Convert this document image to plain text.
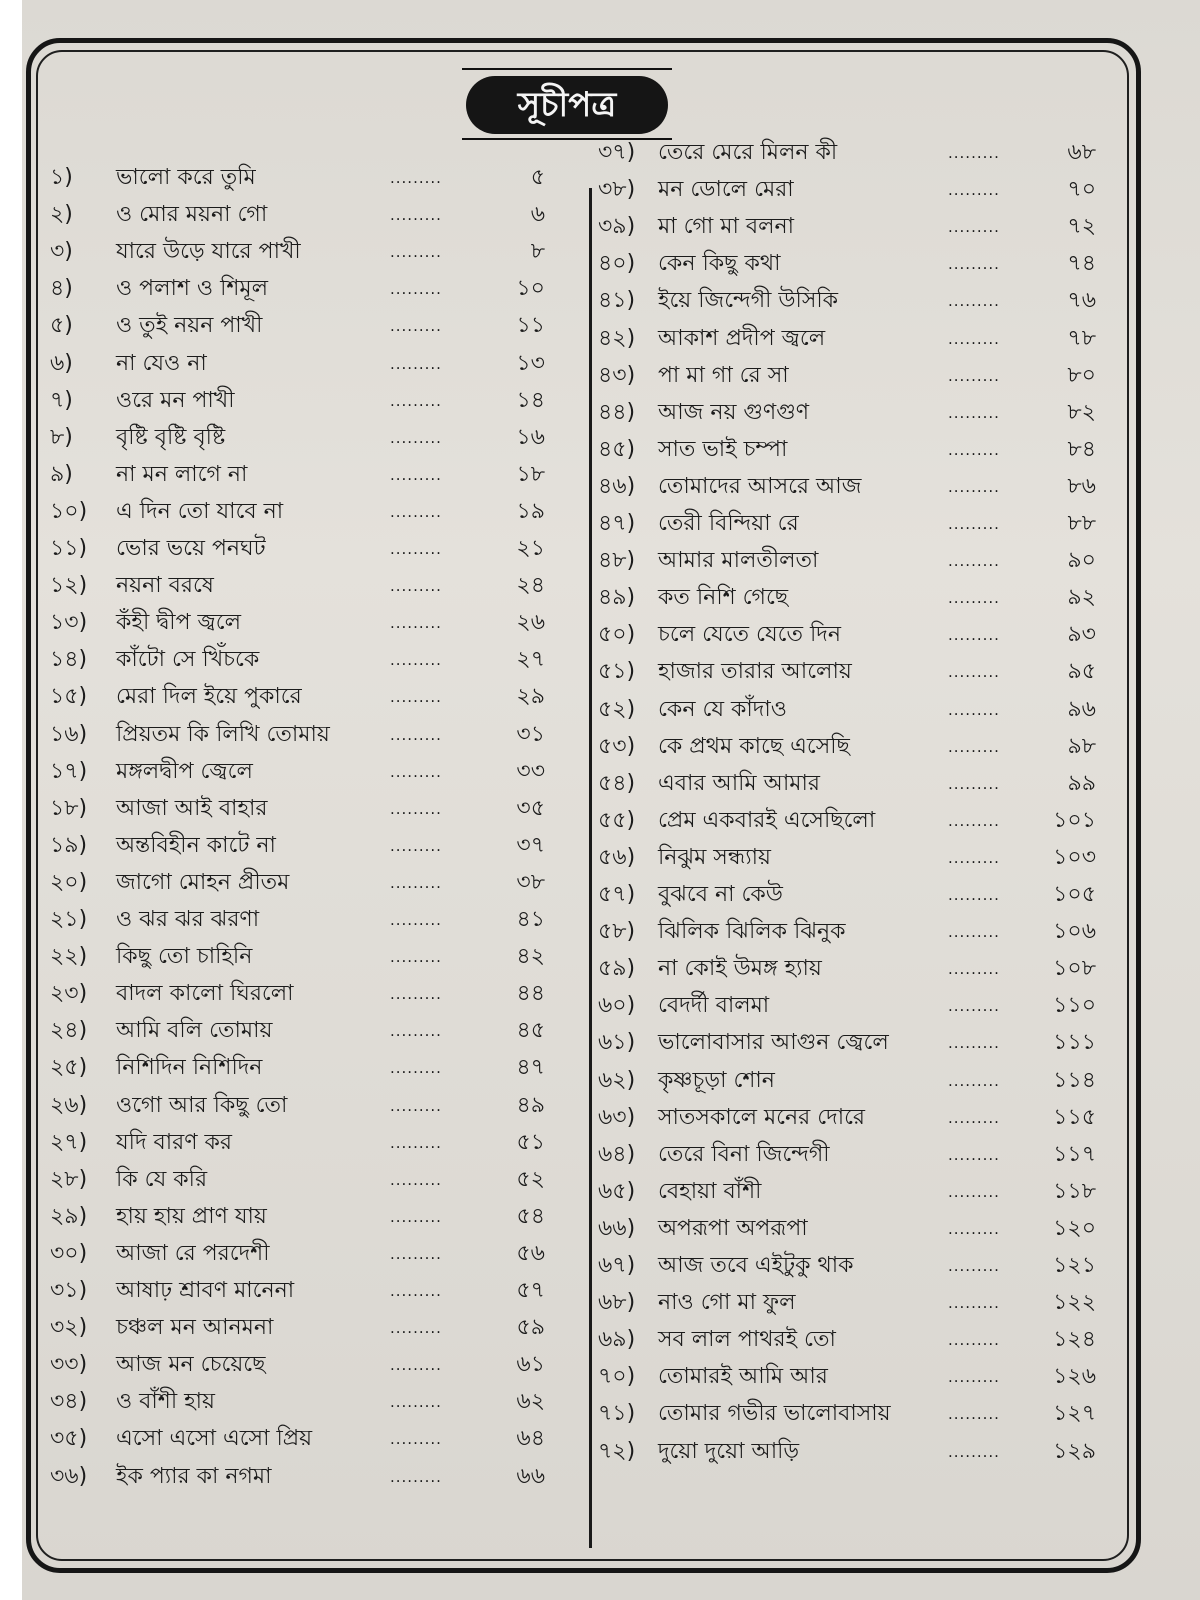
সূচীপত্র
১) ভালো করে তুমি	.........	৫
২) ও মোর ময়না গো	.........	৬
৩) যারে উড়ে যারে পাখী	.........	৮
৪) ও পলাশ ও শিমূল	.........	১০
৫) ও তুই নয়ন পাখী	.........	১১
৬) না যেও না	.........	১৩
৭) ওরে মন পাখী	.........	১৪
৮) বৃষ্টি বৃষ্টি বৃষ্টি	.........	১৬
৯) না মন লাগে না	.........	১৮
১০) এ দিন তো যাবে না	.........	১৯
১১) ভোর ভয়ে পনঘট	.........	২১
১২) নয়না বরষে	.........	২৪
১৩) কঁহী দ্বীপ জ্বলে	.........	২৬
১৪) কাঁটো সে খিঁচকে	.........	২৭
১৫) মেরা দিল ইয়ে পুকারে	.........	২৯
১৬) প্রিয়তম কি লিখি তোমায়	.........	৩১
১৭) মঙ্গলদ্বীপ জ্বেলে	.........	৩৩
১৮) আজা আই বাহার	.........	৩৫
১৯) অন্তবিহীন কাটে না	.........	৩৭
২০) জাগো মোহন প্রীতম	.........	৩৮
২১) ও ঝর ঝর ঝরণা	.........	৪১
২২) কিছু তো চাহিনি	.........	৪২
২৩) বাদল কালো ঘিরলো	.........	৪৪
২৪) আমি বলি তোমায়	.........	৪৫
২৫) নিশিদিন নিশিদিন	.........	৪৭
২৬) ওগো আর কিছু তো	.........	৪৯
২৭) যদি বারণ কর	.........	৫১
২৮) কি যে করি	.........	৫২
২৯) হায় হায় প্রাণ যায়	.........	৫৪
৩০) আজা রে পরদেশী	.........	৫৬
৩১) আষাঢ় শ্রাবণ মানেনা	.........	৫৭
৩২) চঞ্চল মন আনমনা	.........	৫৯
৩৩) আজ মন চেয়েছে	.........	৬১
৩৪) ও বাঁশী হায়	.........	৬২
৩৫) এসো এসো এসো প্রিয়	.........	৬৪
৩৬) ইক প্যার কা নগমা	.........	৬৬
৩৭) তেরে মেরে মিলন কী	.........	৬৮
৩৮) মন ডোলে মেরা	.........	৭০
৩৯) মা গো মা বলনা	.........	৭২
৪০) কেন কিছু কথা	.........	৭৪
৪১) ইয়ে জিন্দেগী উসিকি	.........	৭৬
৪২) আকাশ প্রদীপ জ্বলে	.........	৭৮
৪৩) পা মা গা রে সা	.........	৮০
৪৪) আজ নয় গুণগুণ	.........	৮২
৪৫) সাত ভাই চম্পা	.........	৮৪
৪৬) তোমাদের আসরে আজ	.........	৮৬
৪৭) তেরী বিন্দিয়া রে	.........	৮৮
৪৮) আমার মালতীলতা	.........	৯০
৪৯) কত নিশি গেছে	.........	৯২
৫০) চলে যেতে যেতে দিন	.........	৯৩
৫১) হাজার তারার আলোয়	.........	৯৫
৫২) কেন যে কাঁদাও	.........	৯৬
৫৩) কে প্রথম কাছে এসেছি	.........	৯৮
৫৪) এবার আমি আমার	.........	৯৯
৫৫) প্রেম একবারই এসেছিলো	......... ১০১
৫৬) নিঝুম সন্ধ্যায়	......... ১০৩
৫৭) বুঝবে না কেউ	......... ১০৫
৫৮) ঝিলিক ঝিলিক ঝিনুক	......... ১০৬
৫৯) না কোই উমঙ্গ হ্যায়	......... ১০৮
৬০) বেদর্দী বালমা	......... ১১০
৬১) ভালোবাসার আগুন জ্বেলে	......... ১১১
৬২) কৃষ্ণচূড়া শোন	......... ১১৪
৬৩) সাতসকালে মনের দোরে	......... ১১৫
৬৪) তেরে বিনা জিন্দেগী	......... ১১৭
৬৫) বেহায়া বাঁশী	......... ১১৮
৬৬) অপরূপা অপরূপা	......... ১২০
৬৭) আজ তবে এইটুকু থাক	......... ১২১
৬৮) নাও গো মা ফুল	......... ১২২
৬৯) সব লাল পাথরই তো	......... ১২৪
৭০) তোমারই আমি আর	......... ১২৬
৭১) তোমার গভীর ভালোবাসায়	......... ১২৭
৭২) দুয়ো দুয়ো আড়ি	......... ১২৯
